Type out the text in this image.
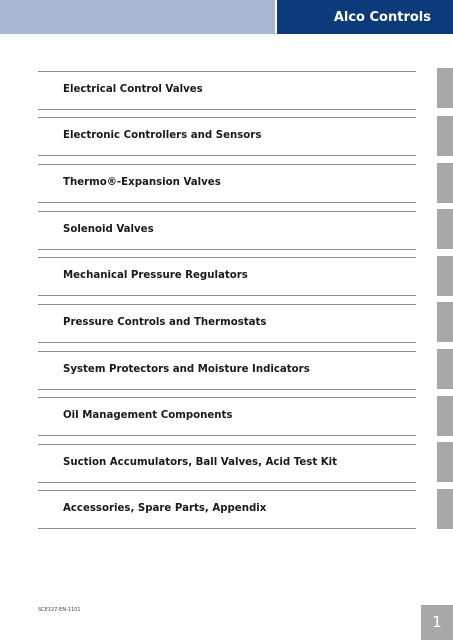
Alco Controls
Electrical Control Valves
Electronic Controllers and Sensors
Thermo®-Expansion Valves
Solenoid Valves
Mechanical Pressure Regulators
Pressure Controls and Thermostats
System Protectors and Moisture Indicators
Oil Management Components
Suction Accumulators, Ball Valves, Acid Test Kit
Accessories, Spare Parts, Appendix
SCE127-EN-1101
1
